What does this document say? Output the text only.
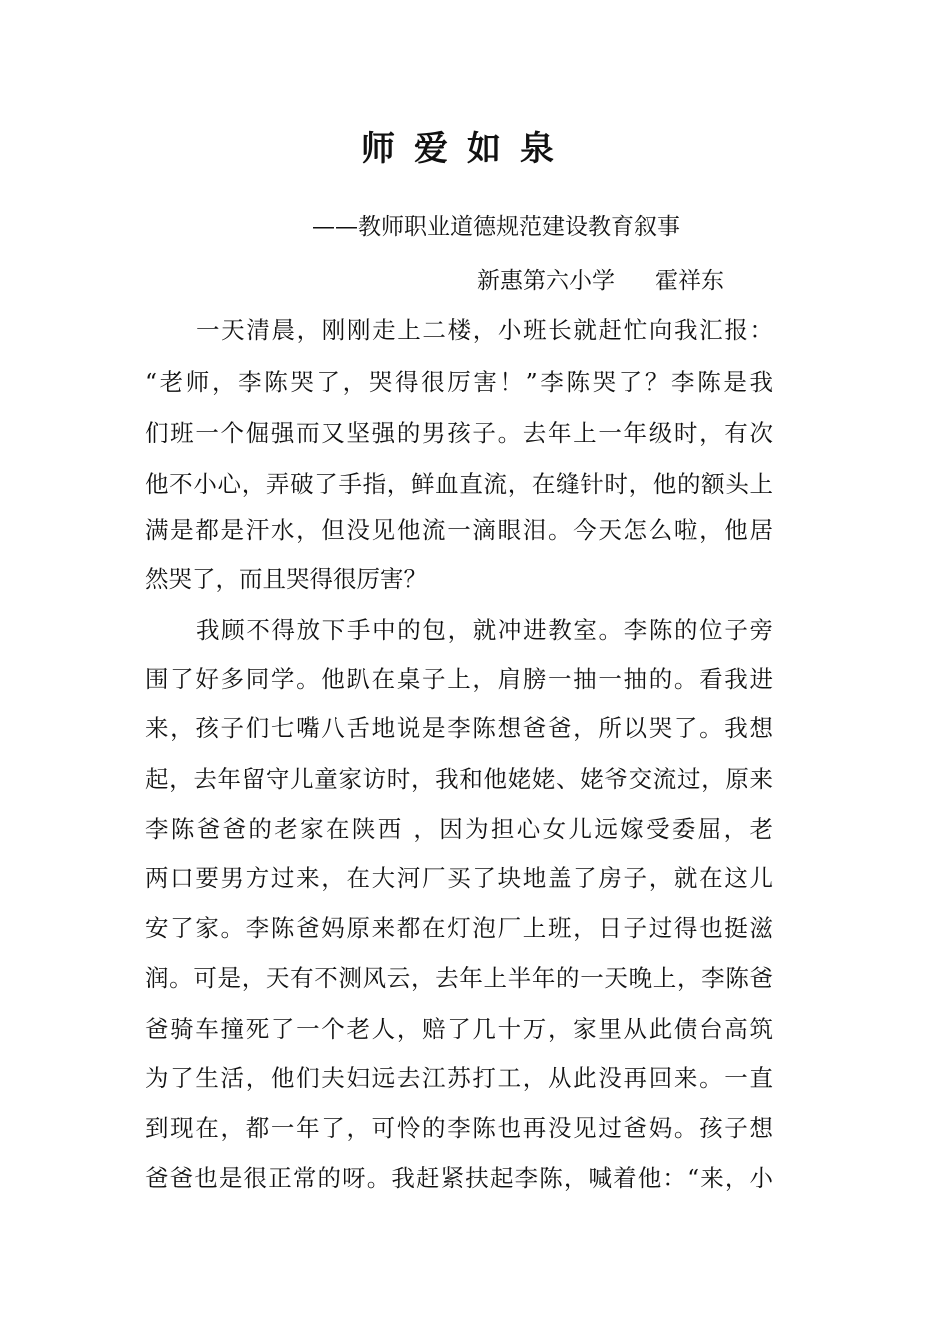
师爱如泉
——教师职业道德规范建设教育叙事
新惠第六小学 霍祥东
一天清晨，刚刚走上二楼，小班长就赶忙向我汇报：
“老师，李陈哭了，哭得很厉害！”李陈哭了？李陈是我
们班一个倔强而又坚强的男孩子。去年上一年级时，有次
他不小心，弄破了手指，鲜血直流，在缝针时，他的额头上
满是都是汗水，但没见他流一滴眼泪。今天怎么啦，他居
然哭了，而且哭得很厉害？
我顾不得放下手中的包，就冲进教室。李陈的位子旁
围了好多同学。他趴在桌子上，肩膀一抽一抽的。看我进
来，孩子们七嘴八舌地说是李陈想爸爸，所以哭了。我想
起，去年留守儿童家访时，我和他姥姥、姥爷交流过，原来
李陈爸爸的老家在陕西 ，因为担心女儿远嫁受委屈，老
两口要男方过来，在大河厂买了块地盖了房子，就在这儿
安了家。李陈爸妈原来都在灯泡厂上班，日子过得也挺滋
润。可是，天有不测风云，去年上半年的一天晚上，李陈爸
爸骑车撞死了一个老人，赔了几十万，家里从此债台高筑
为了生活，他们夫妇远去江苏打工，从此没再回来。一直
到现在，都一年了，可怜的李陈也再没见过爸妈。孩子想
爸爸也是很正常的呀。我赶紧扶起李陈，喊着他：“来，小
